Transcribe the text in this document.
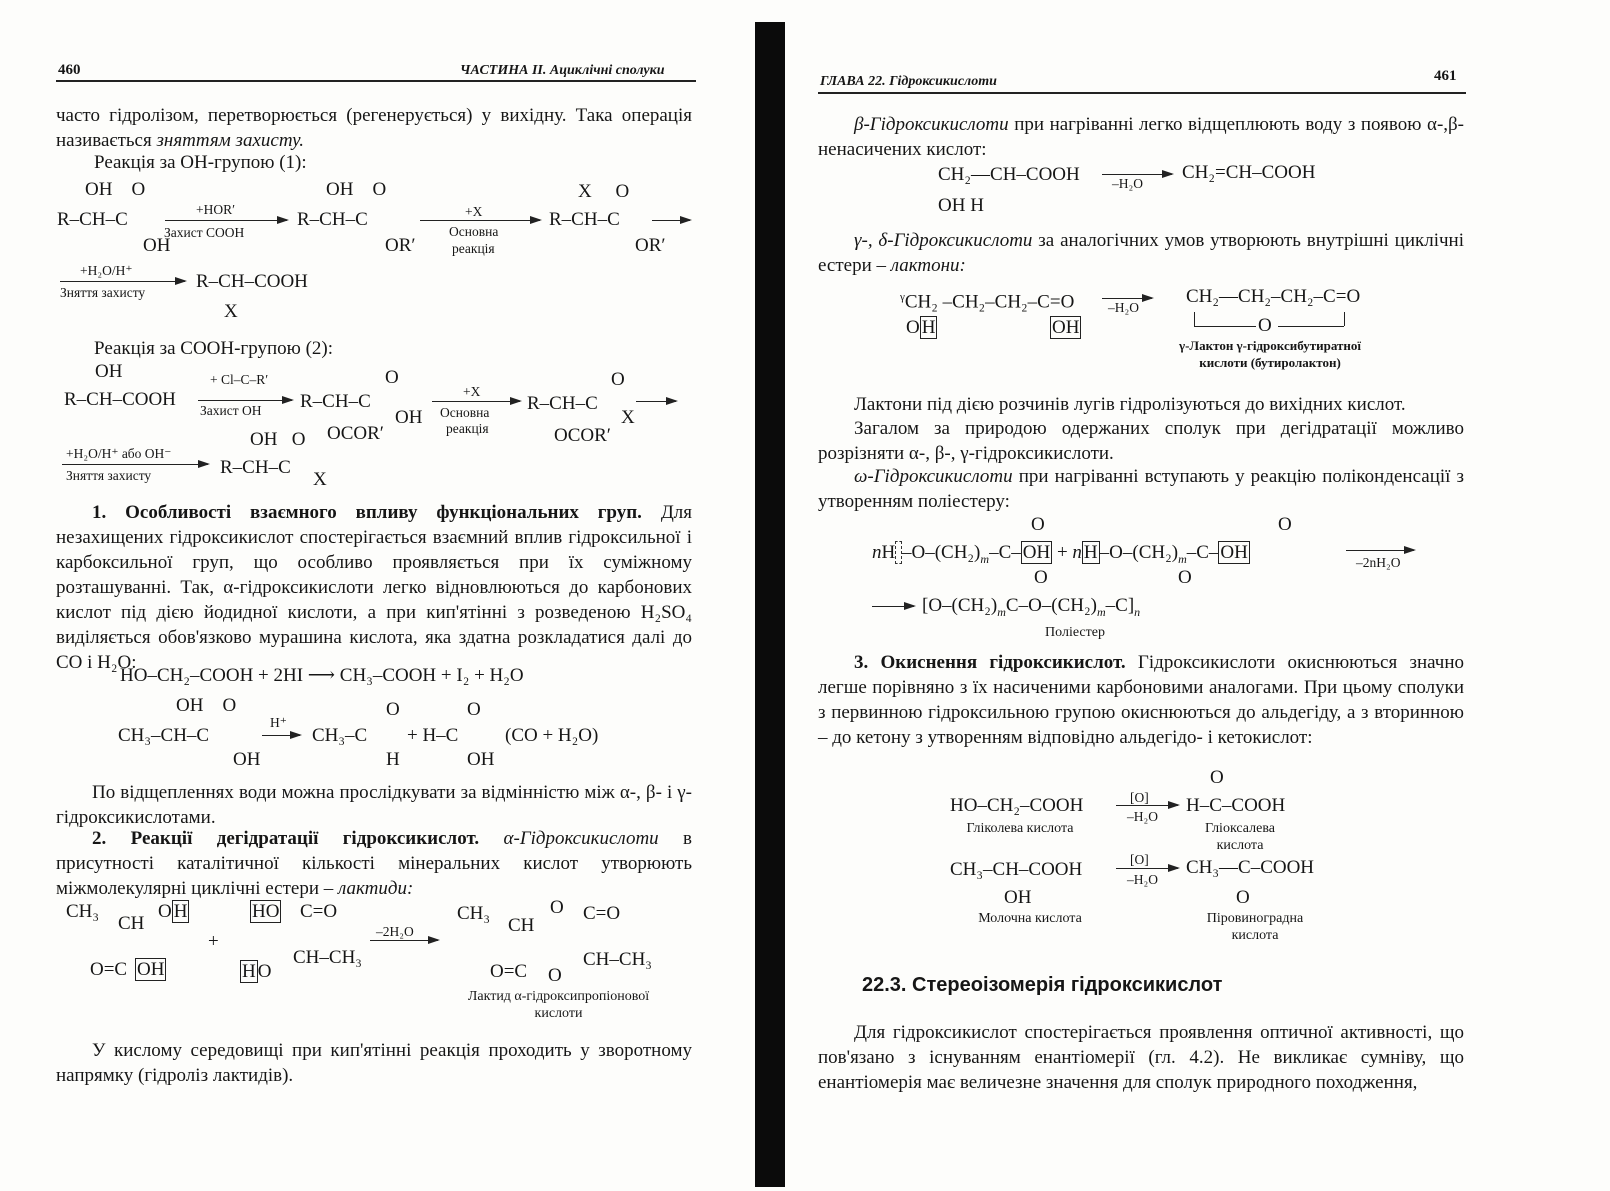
460	ЧАСТИНА II. Ациклічні сполуки
часто гідролізом, перетворюється (регенерується) у вихідну. Така операція називається зняттям захисту.
Реакція за OH-групою (1):
OH    O
R–CH–C
OH
+HOR′
Захист COOH
OH    O
R–CH–C
OR′
+X
Основна
реакція
X     O
R–CH–C
OR′
+H₂O/H⁺
Зняття захисту
R–CH–COOH
X
Реакція за COOH-групою (2):
OH
R–CH–COOH
+ Cl–C–R′
Захист OH
O
R–CH–C
OH
OCOR′
+X
Основна
реакція
O
R–CH–C
X
OCOR′
+H₂O/H⁺ або OH⁻
Зняття захисту
OH   O
R–CH–C
X
1. Особливості взаємного впливу функціональних груп. Для незахищених гідроксикислот спостерігається взаємний вплив гідроксильної і карбоксильної груп, що особливо проявляється при їх суміжному розташуванні. Так, α-гідроксикислоти легко відновлюються до карбонових кислот під дією йодидної кислоти, а при кип'ятінні з розведеною H₂SO₄ виділяється обов'язково мурашина кислота, яка здатна розкладатися далі до CO і H₂O:
HO–CH₂–COOH + 2HI ⟶ CH₃–COOH + I₂ + H₂O
OH    O
CH₃–CH–C
OH
H⁺
O
CH₃–C
H
+ H–C
O
OH
(CO + H₂O)
По відщепленнях води можна прослідкувати за відмінністю між α-, β- і γ-гідроксикислотами.
2. Реакції дегідратації гідроксикислот. α-Гідроксикислоти в присутності каталітичної кількості мінеральних кислот утворюють міжмолекулярні циклічні естери – лактиди:
CH₃
CH
O H
O=C OH
+
HO C=O
H O
CH–CH₃
–2H₂O
CH₃
CH
O C=O
O=C O
CH–CH₃
Лактид α-гідроксипропіонової
кислоти
У кислому середовищі при кип'ятінні реакція проходить у зворотному напрямку (гідроліз лактидів).
ГЛАВА 22. Гідроксикислоти	461
β-Гідроксикислоти при нагріванні легко відщеплюють воду з появою α-,β-ненасичених кислот:
CH₂—CH–COOH
OH H
–H₂O
CH₂=CH–COOH
γ-, δ-Гідроксикислоти за аналогічних умов утворюють внутрішні циклічні естери – лактони:
$^\gamma$CH₂ –CH₂–CH₂–C=O
O H	OH
–H₂O
CH₂—CH₂–CH₂–C=O
O
γ-Лактон γ-гідроксибутиратної
кислоти (бутиролактон)
Лактони під дією розчинів лугів гідролізуються до вихідних кислот.
Загалом за природою одержаних сполук при дегідратації можливо розрізняти α-, β-, γ-гідроксикислоти.
ω-Гідроксикислоти при нагріванні вступають у реакцію поліконденсації з утворенням поліестеру:
O	O
nH $-O-(CH_2)_m-C-$ OH + n H $-O-(CH_2)_m-C-$ OH	–2nH₂O
O	O
$[O-(CH_2)_mC-O-(CH_2)_m-C]_n$
Поліестер
3. Окиснення гідроксикислот. Гідроксикислоти окиснюються значно легше порівняно з їх насиченими карбоновими аналогами. При цьому сполуки з первинною гідроксильною групою окиснюються до альдегіду, а з вторинною – до кетону з утворенням відповідно альдегідо- і кетокислот:
HO–CH₂–COOH
Гліколева кислота
[O]
–H₂O
O
H–C–COOH
Гліоксалева
кислота
CH₃–CH–COOH
OH
Молочна кислота
[O]
–H₂O
CH₃—C–COOH
O
Піровиноградна
кислота
22.3. Стереоізомерія гідроксикислот
Для гідроксикислот спостерігається проявлення оптичної активності, що пов'язано з існуванням енантіомерії (гл. 4.2). Не викликає сумніву, що енантіомерія має величезне значення для сполук природного походження,
